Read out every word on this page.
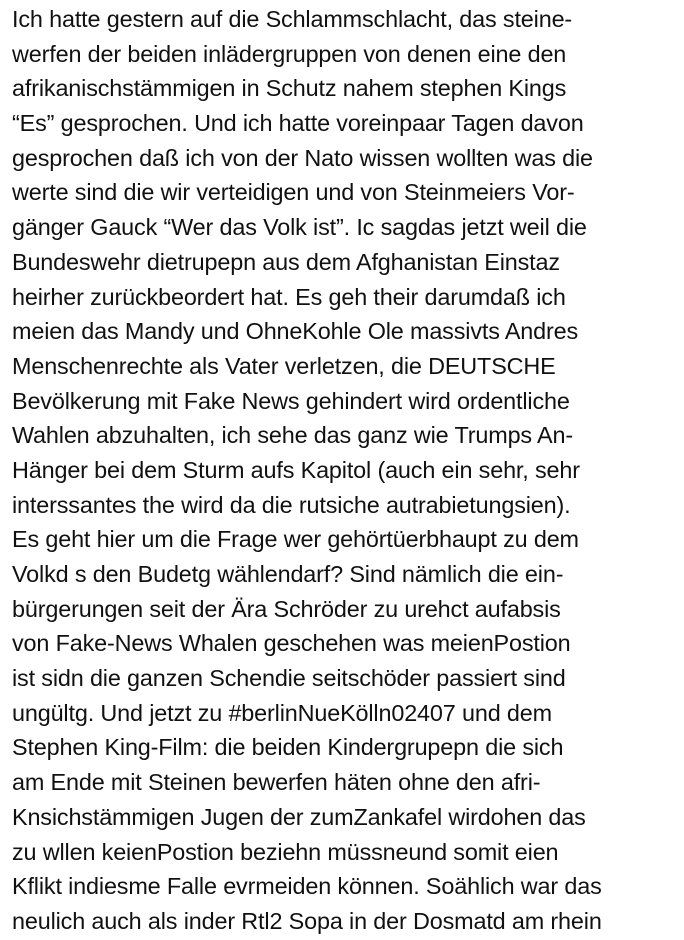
Ich hatte gestern auf die Schlammschlacht, das steine-
werfen der beiden inlädergruppen von denen eine den
afrikanischstämmigen in Schutz nahem stephen Kings
“Es” gesprochen. Und ich hatte voreinpaar Tagen davon
gesprochen daß ich von der Nato wissen wollten was die
werte sind die wir verteidigen und von Steinmeiers Vor-
gänger Gauck “Wer das Volk ist”. Ic sagdas jetzt weil die
Bundeswehr dietrupepn aus dem Afghanistan Einstaz
heirher zurückbeordert hat. Es geh their darumdaß ich
meien das Mandy und OhneKohle Ole massivts Andres
Menschenrechte als Vater verletzen, die DEUTSCHE
Bevölkerung mit Fake News gehindert wird ordentliche
Wahlen abzuhalten, ich sehe das ganz wie Trumps An-
Hänger bei dem Sturm aufs Kapitol (auch ein sehr, sehr
interssantes the wird da die rutsiche autrabietungsien).
Es geht hier um die Frage wer gehörtüerbhaupt zu dem
Volkd s den Budetg wählendarf? Sind nämlich die ein-
bürgerungen seit der Ära Schröder zu urehct aufabsis
von Fake-News Whalen geschehen was meienPostion
ist sidn die ganzen Schendie seitschöder passiert sind
ungültg. Und jetzt zu #berlinNueKölln02407 und dem
Stephen King-Film: die beiden Kindergrupepn die sich
am Ende mit Steinen bewerfen häten ohne den afri-
Knsichstämmigen Jugen der zumZankafel wirdohen das
zu wllen keienPostion beziehn müssneund somit eien
Kflikt indiesme Falle evrmeiden können. Soählich war das
neulich auch als inder Rtl2 Sopa in der Dosmatd am rhein
